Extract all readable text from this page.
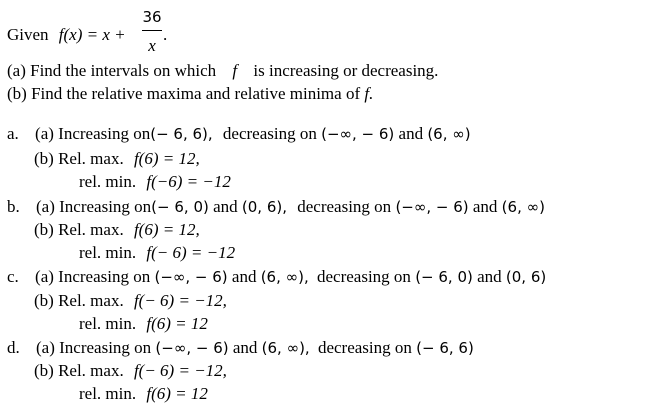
Given f(x) = x +
36
x
.
(a) Find the intervals on which f is increasing or decreasing.
(b) Find the relative maxima and relative minima of f.
a. (a) Increasing on(− 6, 6), decreasing on (−∞, − 6) and (6, ∞)
(b) Rel. max. f(6) = 12,
rel. min. f(−6) = −12
b. (a) Increasing on(− 6, 0) and (0, 6), decreasing on (−∞, − 6) and (6, ∞)
(b) Rel. max. f(6) = 12,
rel. min. f(− 6) = −12
c. (a) Increasing on (−∞, − 6) and (6, ∞), decreasing on (− 6, 0) and (0, 6)
(b) Rel. max. f(− 6) = −12,
rel. min. f(6) = 12
d. (a) Increasing on (−∞, − 6) and (6, ∞), decreasing on (− 6, 6)
(b) Rel. max. f(− 6) = −12,
rel. min. f(6) = 12
